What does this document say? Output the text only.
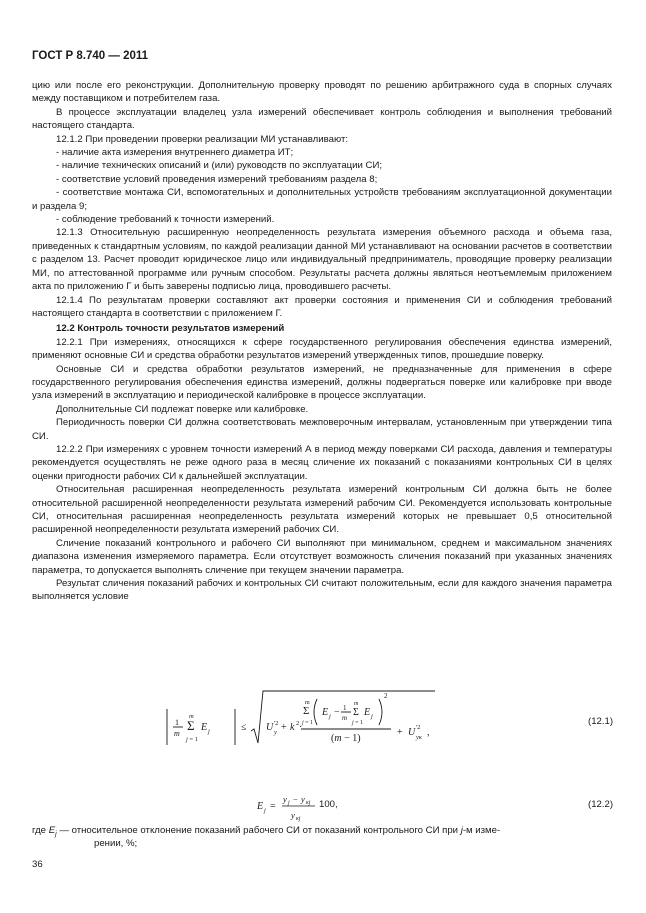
ГОСТ Р 8.740 — 2011

цию или после его реконструкции. Дополнительную проверку проводят по решению арбитражного суда в спорных случаях между поставщиком и потребителем газа.

В процессе эксплуатации владелец узла измерений обеспечивает контроль соблюдения и выполнения требований настоящего стандарта.

12.1.2 При проведении проверки реализации МИ устанавливают:

- наличие акта измерения внутреннего диаметра ИТ;

- наличие технических описаний и (или) руководств по эксплуатации СИ;

- соответствие условий проведения измерений требованиям раздела 8;

- соответствие монтажа СИ, вспомогательных и дополнительных устройств требованиям эксплуатационной документации и раздела 9;

- соблюдение требований к точности измерений.

12.1.3 Относительную расширенную неопределенность результата измерения объемного расхода и объема газа, приведенных к стандартным условиям, по каждой реализации данной МИ устанавливают на основании расчетов в соответствии с разделом 13. Расчет проводит юридическое лицо или индивидуальный предприниматель, проводящие проверку реализации МИ, по аттестованной программе или ручным способом. Результаты расчета должны являться неотъемлемым приложением акта по приложению Г и быть заверены подписью лица, проводившего расчеты.

12.1.4 По результатам проверки составляют акт проверки состояния и применения СИ и соблюдения требований настоящего стандарта в соответствии с приложением Г.

12.2 Контроль точности результатов измерений

12.2.1 При измерениях, относящихся к сфере государственного регулирования обеспечения единства измерений, применяют основные СИ и средства обработки результатов измерений утвержденных типов, прошедшие поверку.

Основные СИ и средства обработки результатов измерений, не предназначенные для применения в сфере государственного регулирования обеспечения единства измерений, должны подвергаться поверке или калибровке при вводе узла измерений в эксплуатацию и периодической калибровке в процессе эксплуатации.

Дополнительные СИ подлежат поверке или калибровке.

Периодичность поверки СИ должна соответствовать межповерочным интервалам, установленным при утверждении типа СИ.

12.2.2 При измерениях с уровнем точности измерений А в период между поверками СИ расхода, давления и температуры рекомендуется осуществлять не реже одного раза в месяц сличение их показаний с показаниями контрольных СИ в целях оценки пригодности рабочих СИ к дальнейшей эксплуатации.

Относительная расширенная неопределенность результата измерений контрольным СИ должна быть не более относительной расширенной неопределенности результата измерений рабочим СИ. Рекомендуется использовать контрольные СИ, относительная расширенная неопределенность результата измерений которых не превышает 0,5 относительной расширенной неопределенности результата измерений рабочих СИ.

Сличение показаний контрольного и рабочего СИ выполняют при минимальном, среднем и максимальном значениях диапазона изменения измеряемого параметра. Если отсутствует возможность сличения показаний при указанных значениях параметра, то допускается выполнять сличение при текущем значении параметра.

Результат сличения показаний рабочих и контрольных СИ считают положительным, если для каждого значения параметра выполняется условие

1
m
Σ
m
j = 1
E j	≤ U '2
y + k 2 ·
Σ
m
j = 1
E j − 1
m Σ
m
j = 1
E j
2
(m − 1)
+ U '2
yк ,
(12.1)
E j =
y j − y кj
y кj
100,	(12.2)
где $E_j$ — относительное отклонение показаний рабочего СИ от показаний контрольного СИ при j-м изме-
рении, %;
36
